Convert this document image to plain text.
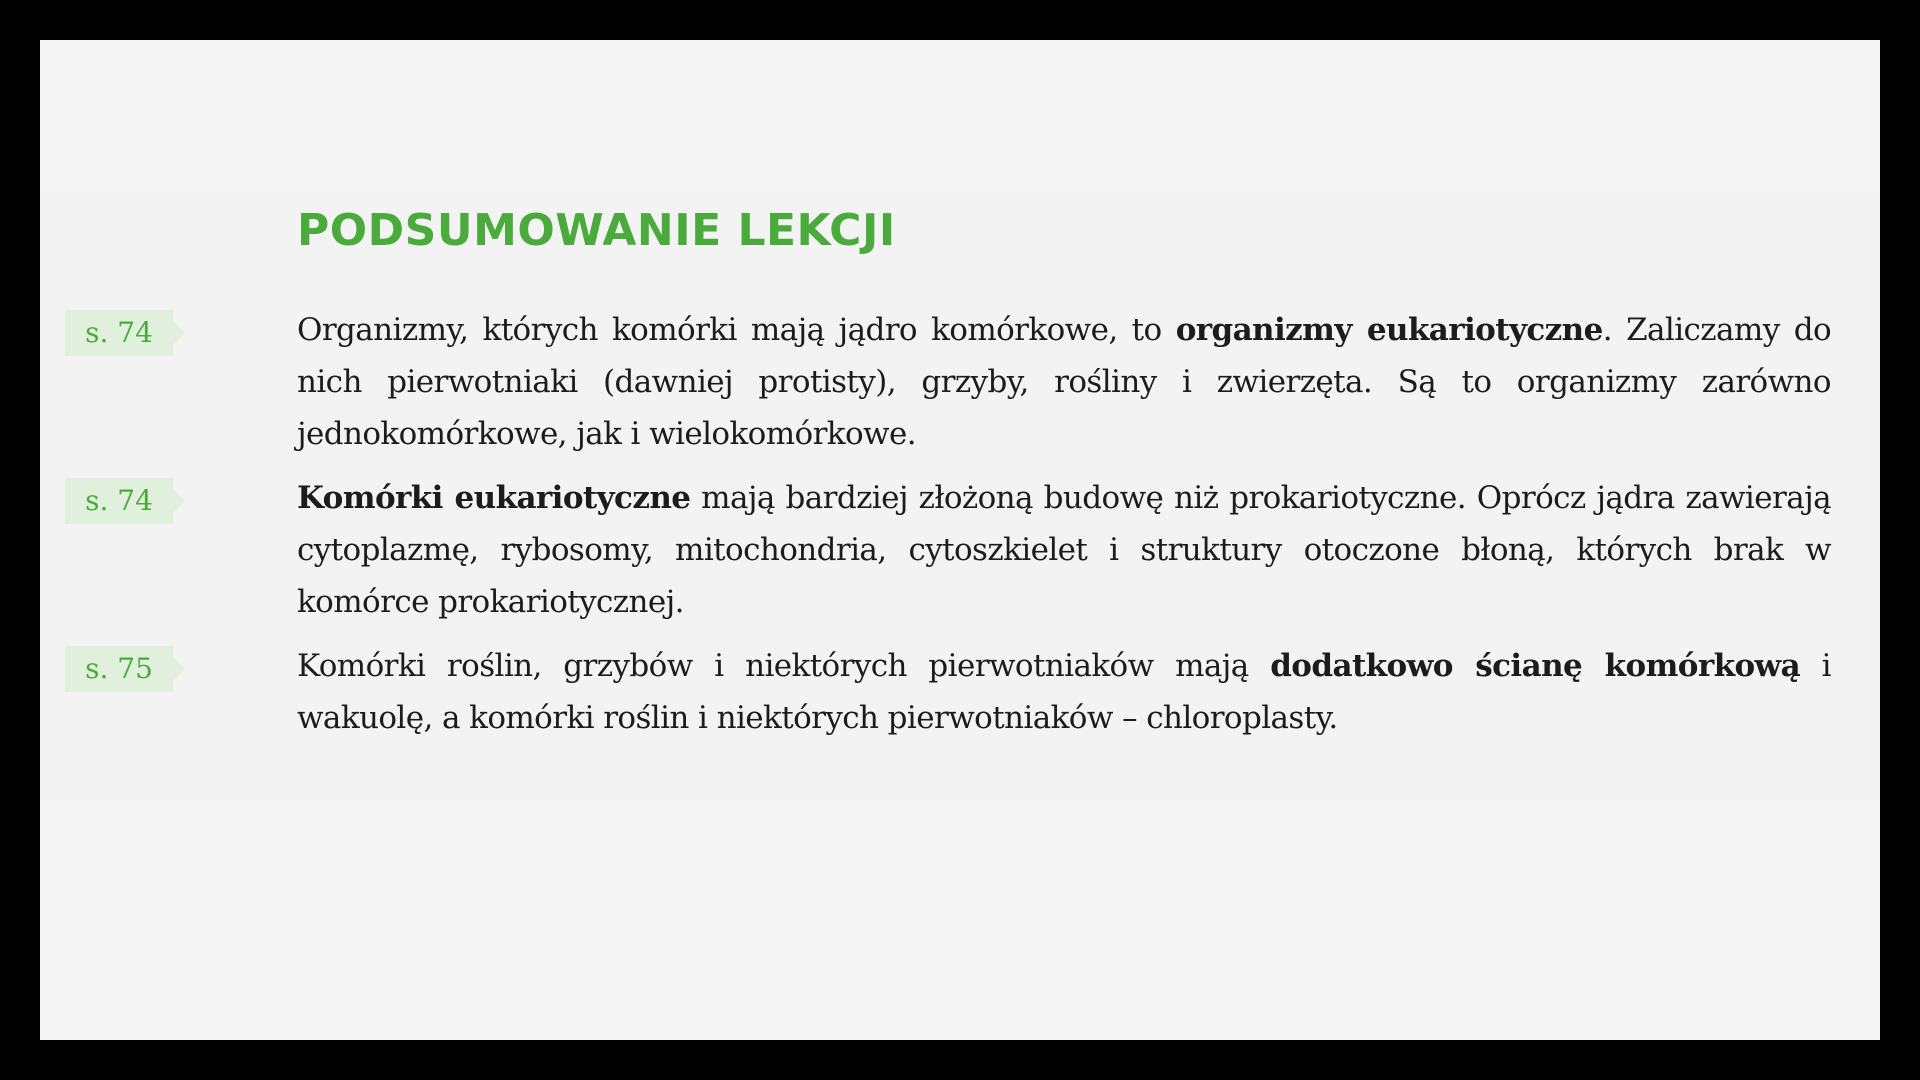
PODSUMOWANIE LEKCJI
s. 74	Organizmy, których komórki mają jądro komórkowe, to organizmy eukariotyczne. Zaliczamy do nich pierwotniaki (dawniej protisty), grzyby, rośliny i zwierzęta. Są to organizmy zarówno jednokomórkowe, jak i wielokomórkowe.

s. 74	Komórki eukariotyczne mają bardziej złożoną budowę niż prokariotyczne. Oprócz jądra zawierają cytoplazmę, rybosomy, mitochondria, cytoszkielet i struktury otoczone błoną, których brak w komórce prokariotycznej.

s. 75	Komórki roślin, grzybów i niektórych pierwotniaków mają dodatkowo ścianę komórkową i wakuolę, a komórki roślin i niektórych pierwotniaków – chloroplasty.
